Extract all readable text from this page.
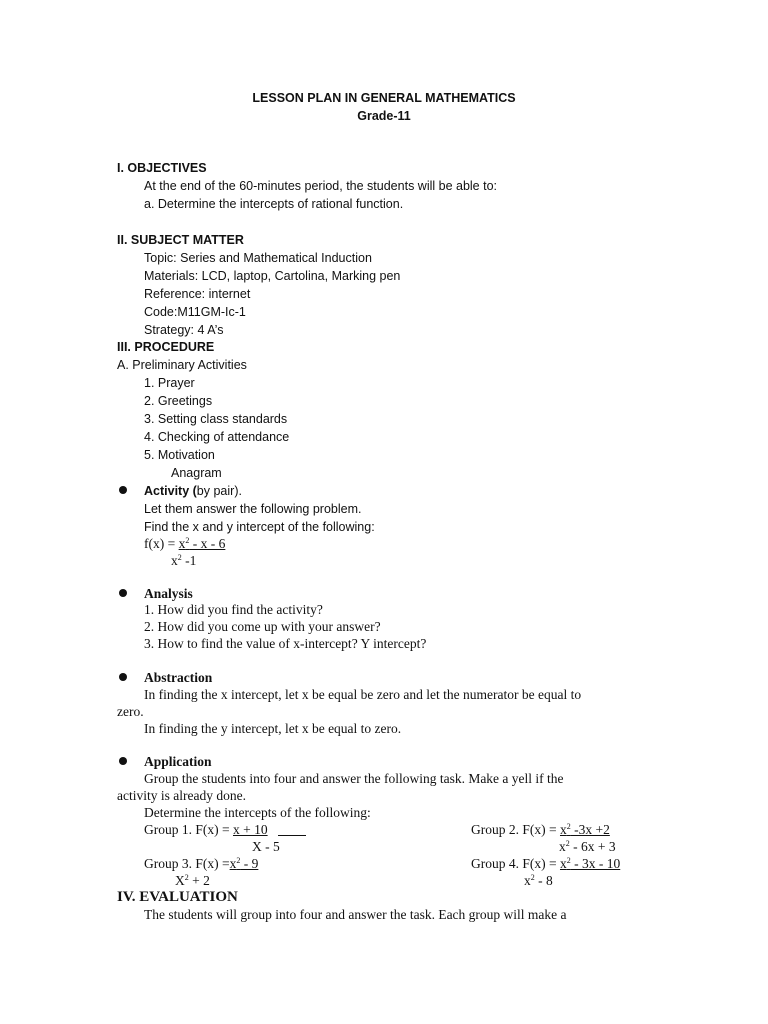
LESSON PLAN IN GENERAL MATHEMATICS
Grade-11
I. OBJECTIVES
At the end of the 60-minutes period, the students will be able to:
a. Determine the intercepts of rational function.
II. SUBJECT MATTER
Topic: Series and Mathematical Induction
Materials: LCD, laptop, Cartolina, Marking pen
Reference: internet
Code:M11GM-Ic-1
Strategy: 4 A’s
III. PROCEDURE
A. Preliminary Activities
1. Prayer
2. Greetings
3. Setting class standards
4. Checking of attendance
5. Motivation
Anagram
Activity (by pair).
Let them answer the following problem.
Find the x and y intercept of the following:
$f(x) = x^2 - x - 6$
$x^2$ -1
Analysis
1. How did you find the activity?
2. How did you come up with your answer?
3. How to find the value of x-intercept? Y intercept?
Abstraction
In finding the x intercept, let x be equal be zero and let the numerator be equal to
zero.
In finding the y intercept, let x be equal to zero.
Application
Group the students into four and answer the following task. Make a yell if the
activity is already done.
Determine the intercepts of the following:
Group 1. F(x) = x + 10
X - 5
Group 2. $F(x) = x^2$ -3x +2
$x^2 - 6x + 3$
Group 3. $F(x) =x^2 - 9$
$X^2 + 2$
Group 4. $F(x) = x^2 - 3x - 10$
$x^2 - 8$
IV. EVALUATION
The students will group into four and answer the task. Each group will make a
